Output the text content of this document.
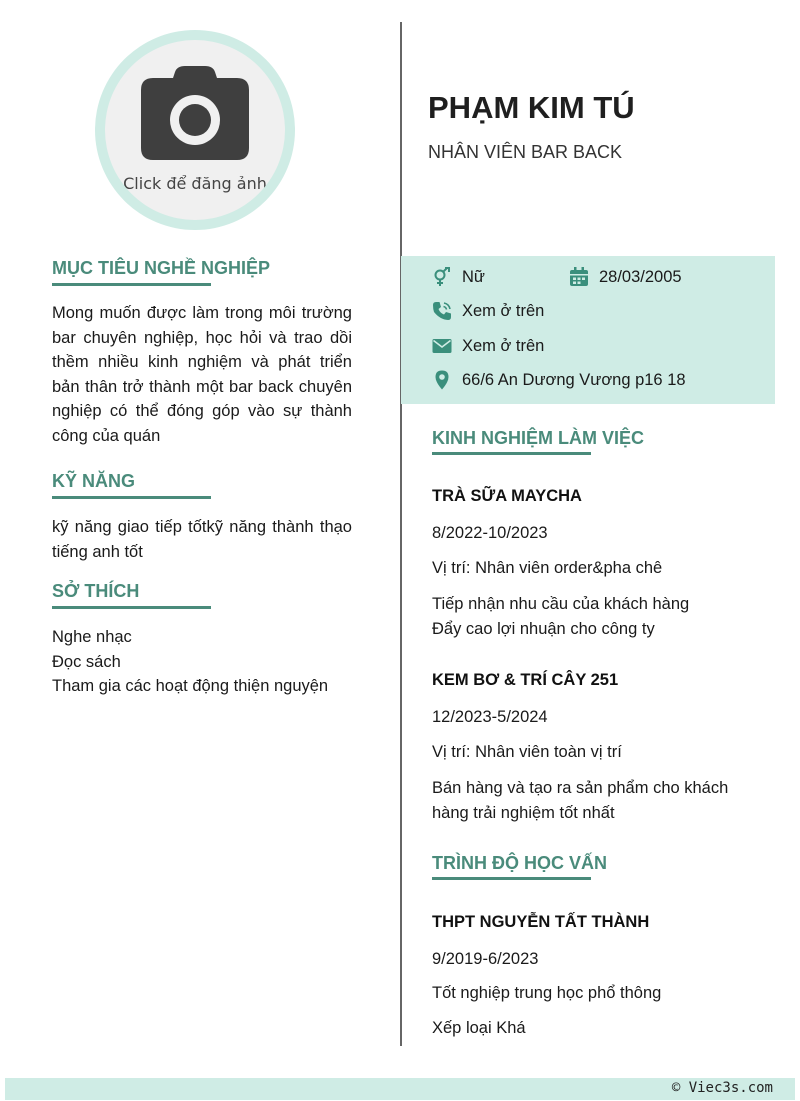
Click để đăng ảnh
MỤC TIÊU NGHỀ NGHIỆP

Mong muốn được làm trong môi trường bar chuyên nghiệp, học hỏi và trao dồi thềm nhiều kinh nghiệm và phát triển bản thân trở thành một bar back chuyên nghiệp có thể đóng góp vào sự thành công của quán

KỸ NĂNG

kỹ năng giao tiếp tốtkỹ năng thành thạo tiếng anh tốt

SỞ THÍCH
Nghe nhạc
Đọc sách
Tham gia các hoạt động thiện nguyện
PHẠM KIM TÚ
NHÂN VIÊN BAR BACK
Nữ	28/03/2005
Xem ở trên
Xem ở trên
66/6 An Dương Vương p16 18
KINH NGHIỆM LÀM VIỆC
TRÀ SỮA MAYCHA
8/2022-10/2023
Vị trí: Nhân viên order&pha chê

Tiếp nhận nhu cầu của khách hàng
Đẩy cao lợi nhuận cho công ty

KEM BƠ & TRÍ CÂY 251
12/2023-5/2024
Vị trí: Nhân viên toàn vị trí

Bán hàng và tạo ra sản phẩm cho khách hàng trải nghiệm tốt nhất

TRÌNH ĐỘ HỌC VẤN
THPT NGUYỄN TẤT THÀNH
9/2019-6/2023
Tốt nghiệp trung học phổ thông
Xếp loại Khá
© Viec3s.com
